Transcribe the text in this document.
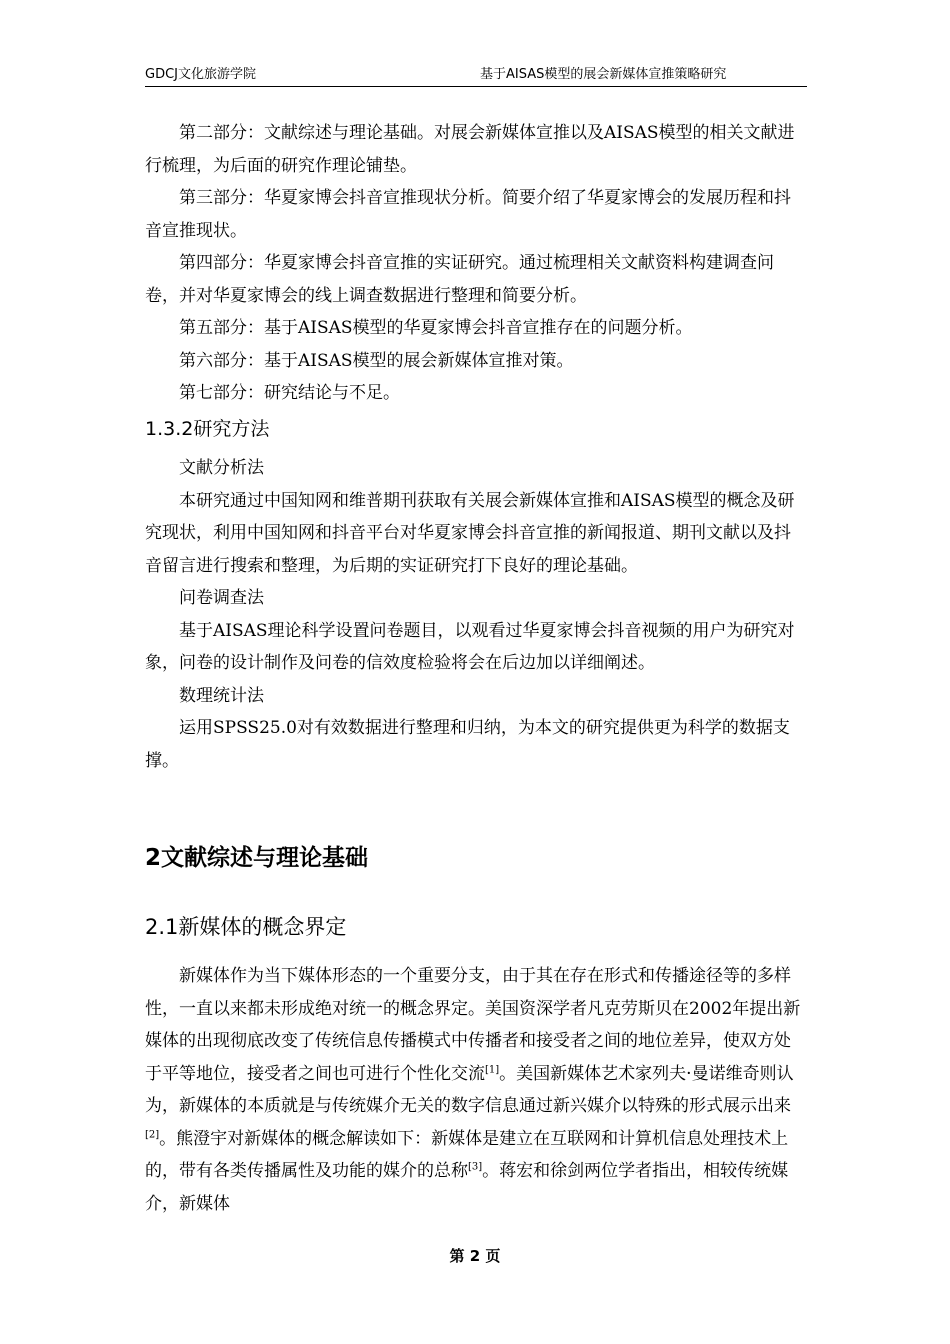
GDCJ文化旅游学院	基于AISAS模型的展会新媒体宣推策略研究

第二部分：文献综述与理论基础。对展会新媒体宣推以及AISAS模型的相关文献进行梳理，为后面的研究作理论铺垫。

第三部分：华夏家博会抖音宣推现状分析。简要介绍了华夏家博会的发展历程和抖音宣推现状。

第四部分：华夏家博会抖音宣推的实证研究。通过梳理相关文献资料构建调查问卷，并对华夏家博会的线上调查数据进行整理和简要分析。

第五部分：基于AISAS模型的华夏家博会抖音宣推存在的问题分析。

第六部分：基于AISAS模型的展会新媒体宣推对策。

第七部分：研究结论与不足。

1.3.2研究方法

文献分析法

本研究通过中国知网和维普期刊获取有关展会新媒体宣推和AISAS模型的概念及研究现状，利用中国知网和抖音平台对华夏家博会抖音宣推的新闻报道、期刊文献以及抖音留言进行搜索和整理，为后期的实证研究打下良好的理论基础。

问卷调查法

基于AISAS理论科学设置问卷题目，以观看过华夏家博会抖音视频的用户为研究对象，问卷的设计制作及问卷的信效度检验将会在后边加以详细阐述。

数理统计法

运用SPSS25.0对有效数据进行整理和归纳，为本文的研究提供更为科学的数据支撑。

2文献综述与理论基础
2.1新媒体的概念界定

新媒体作为当下媒体形态的一个重要分支，由于其在存在形式和传播途径等的多样性，一直以来都未形成绝对统一的概念界定。美国资深学者凡克劳斯贝在2002年提出新媒体的出现彻底改变了传统信息传播模式中传播者和接受者之间的地位差异，使双方处于平等地位，接受者之间也可进行个性化交流[1]。美国新媒体艺术家列夫·曼诺维奇则认为，新媒体的本质就是与传统媒介无关的数字信息通过新兴媒介以特殊的形式展示出来[2]。熊澄宇对新媒体的概念解读如下：新媒体是建立在互联网和计算机信息处理技术上的，带有各类传播属性及功能的媒介的总称[3]。蒋宏和徐剑两位学者指出，相较传统媒介，新媒体

第 2 页
